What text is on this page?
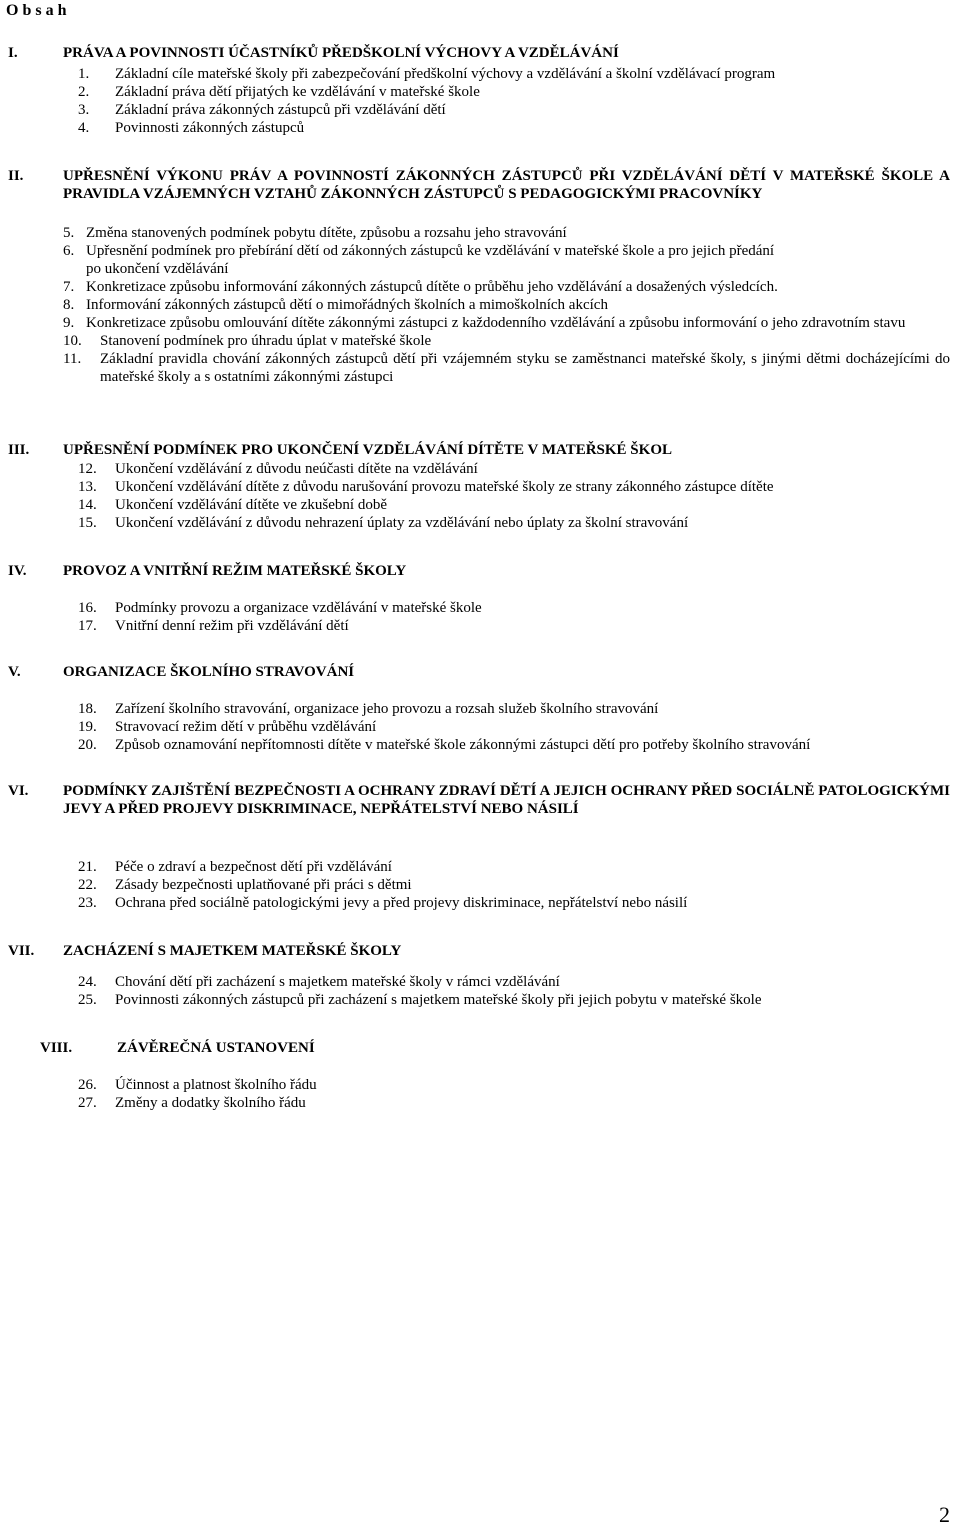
O b s a h
I.	PRÁVA A POVINNOSTI ÚČASTNÍKŮ PŘEDŠKOLNÍ VÝCHOVY A VZDĚLÁVÁNÍ
1.	Základní cíle mateřské školy při zabezpečování předškolní výchovy a vzdělávání a školní vzdělávací program
2.	Základní práva dětí přijatých ke vzdělávání v mateřské škole
3.	Základní práva zákonných zástupců při vzdělávání dětí
4.	Povinnosti zákonných zástupců
II.	UPŘESNĚNÍ VÝKONU PRÁV A POVINNOSTÍ ZÁKONNÝCH ZÁSTUPCŮ PŘI VZDĚLÁVÁNÍ DĚTÍ V MATEŘSKÉ ŠKOLE A PRAVIDLA VZÁJEMNÝCH VZTAHŮ ZÁKONNÝCH ZÁSTUPCŮ S PEDAGOGICKÝMI PRACOVNÍKY
5. Změna stanovených podmínek pobytu dítěte, způsobu a rozsahu jeho stravování
6. Upřesnění podmínek pro přebírání dětí od zákonných zástupců ke vzdělávání v mateřské škole a pro jejich předání po ukončení vzdělávání
7. Konkretizace způsobu informování zákonných zástupců dítěte o průběhu jeho vzdělávání a dosažených výsledcích.
8. Informování zákonných zástupců dětí o mimořádných školních a mimoškolních akcích
9. Konkretizace způsobu omlouvání dítěte zákonnými zástupci z každodenního vzdělávání a způsobu informování o jeho zdravotním stavu
10.	Stanovení podmínek pro úhradu úplat v mateřské škole
11.	Základní pravidla chování zákonných zástupců dětí při vzájemném styku se zaměstnanci mateřské školy, s jinými dětmi docházejícími do mateřské školy a s ostatními zákonnými zástupci
III. UPŘESNĚNÍ PODMÍNEK PRO UKONČENÍ VZDĚLÁVÁNÍ DÍTĚTE V MATEŘSKÉ ŠKOL
12.	Ukončení vzdělávání z důvodu neúčasti dítěte na vzdělávání
13.	Ukončení vzdělávání dítěte z důvodu narušování provozu mateřské školy ze strany zákonného zástupce dítěte
14.	Ukončení vzdělávání dítěte ve zkušební době
15.	Ukončení vzdělávání z důvodu nehrazení úplaty za vzdělávání nebo úplaty za školní stravování
IV. PROVOZ A VNITŘNÍ REŽIM MATEŘSKÉ ŠKOLY
16.	Podmínky provozu a organizace vzdělávání v mateřské škole
17.	Vnitřní denní režim při vzdělávání dětí
V.	ORGANIZACE ŠKOLNÍHO STRAVOVÁNÍ
18.	Zařízení školního stravování, organizace jeho provozu a rozsah služeb školního stravování
19.	Stravovací režim dětí v průběhu vzdělávání
20.	Způsob oznamování nepřítomnosti dítěte v mateřské škole zákonnými zástupci dětí pro potřeby školního stravování
VI. PODMÍNKY ZAJIŠTĚNÍ BEZPEČNOSTI A OCHRANY ZDRAVÍ DĚTÍ A JEJICH OCHRANY PŘED SOCIÁLNĚ PATOLOGICKÝMI JEVY A PŘED PROJEVY DISKRIMINACE, NEPŘÁTELSTVÍ NEBO NÁSILÍ
21.	Péče o zdraví a bezpečnost dětí při vzdělávání
22.	Zásady bezpečnosti uplatňované při práci s dětmi
23.	Ochrana před sociálně patologickými jevy a před projevy diskriminace, nepřátelství nebo násilí
VII. ZACHÁZENÍ S MAJETKEM MATEŘSKÉ ŠKOLY
24.	Chování dětí při zacházení s majetkem mateřské školy v rámci vzdělávání
25.	Povinnosti zákonných zástupců při zacházení s majetkem mateřské školy při jejich pobytu v mateřské škole
VIII.	ZÁVĚREČNÁ USTANOVENÍ
26.	Účinnost a platnost školního řádu
27.	Změny a dodatky školního řádu
2
